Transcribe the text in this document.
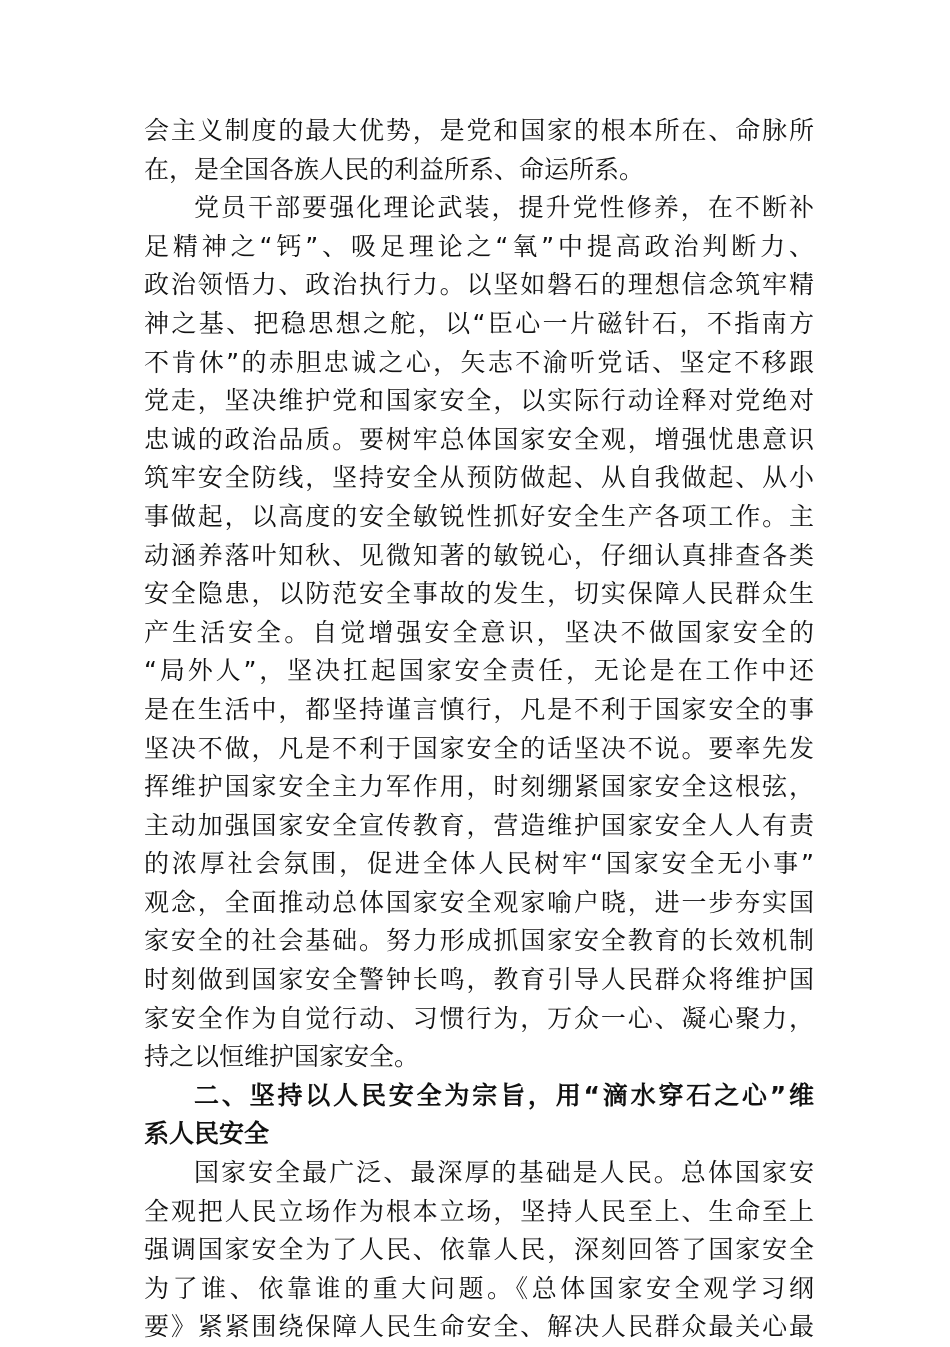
会主义制度的最大优势，是党和国家的根本所在、命脉所
在，是全国各族人民的利益所系、命运所系。
党员干部要强化理论武装，提升党性修养，在不断补
足精神之“钙”、吸足理论之“氧”中提高政治判断力、
政治领悟力、政治执行力。以坚如磐石的理想信念筑牢精
神之基、把稳思想之舵，以“臣心一片磁针石，不指南方
不肯休”的赤胆忠诚之心，矢志不渝听党话、坚定不移跟
党走，坚决维护党和国家安全，以实际行动诠释对党绝对
忠诚的政治品质。要树牢总体国家安全观，增强忧患意识
筑牢安全防线，坚持安全从预防做起、从自我做起、从小
事做起，以高度的安全敏锐性抓好安全生产各项工作。主
动涵养落叶知秋、见微知著的敏锐心，仔细认真排查各类
安全隐患，以防范安全事故的发生，切实保障人民群众生
产生活安全。自觉增强安全意识，坚决不做国家安全的
“局外人”，坚决扛起国家安全责任，无论是在工作中还
是在生活中，都坚持谨言慎行，凡是不利于国家安全的事
坚决不做，凡是不利于国家安全的话坚决不说。要率先发
挥维护国家安全主力军作用，时刻绷紧国家安全这根弦，
主动加强国家安全宣传教育，营造维护国家安全人人有责
的浓厚社会氛围，促进全体人民树牢“国家安全无小事”
观念，全面推动总体国家安全观家喻户晓，进一步夯实国
家安全的社会基础。努力形成抓国家安全教育的长效机制
时刻做到国家安全警钟长鸣，教育引导人民群众将维护国
家安全作为自觉行动、习惯行为，万众一心、凝心聚力，
持之以恒维护国家安全。
二、坚持以人民安全为宗旨，用“滴水穿石之心”维
系人民安全
国家安全最广泛、最深厚的基础是人民。总体国家安
全观把人民立场作为根本立场，坚持人民至上、生命至上
强调国家安全为了人民、依靠人民，深刻回答了国家安全
为了谁、依靠谁的重大问题。《总体国家安全观学习纲
要》紧紧围绕保障人民生命安全、解决人民群众最关心最
